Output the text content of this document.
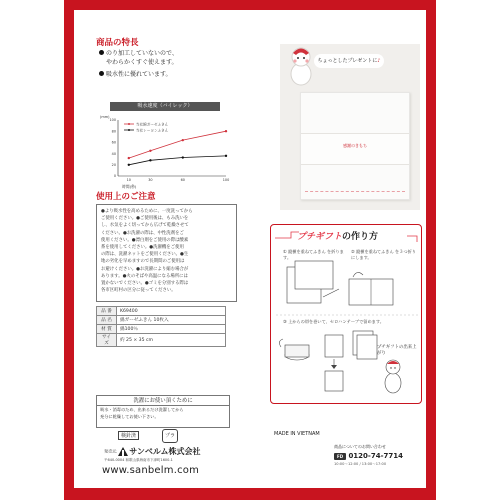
商品の特長
のり加工していないので、
やわらかくすぐ使えます。
吸水性に優れています。
吸水速度（バイレック）
(mm)
0
20
40
60
80
100
10	30	60	100
時間(秒)
当社綿ガーゼふきん
当社レーヨンふきん
使用上のご注意
●より吸水性を高めるために、一度洗ってから
ご使用ください。●ご使用後は、もみ洗いを
し、水気をよく切ってから広げて乾燥させて
ください。●お洗濯の際は、中性洗剤をご
使用ください。●漂白剤をご使用の際は酸素
系を使用してください。●洗濯機をご使用
の際は、洗濯ネットをご使用ください。●生
地の劣化を早めますので長期間のご使用は
お避けください。●お洗濯により縮む場合が
あります。●火のそばや高温になる場所には
置かないでください。●ゴミを分別する際は
各市区町村の区分に従ってください。
品 番	K69400
品 名	綿ガーゼふきん 10枚入
材 質	綿100％
サイズ	約 25 × 35 cm
洗濯にお使い頂くために
吸水・消毒のため、出来るだけ洗濯してから
充分に乾燥してお使い下さい。
検針済	プラ
発売元 サンベルム株式会社
〒640-0004 和歌山県海南市下津町1600-1
www.sanbelm.com
ちょっとしたプレゼントに♪
感謝のきもち
プチギフトの作り方
① 縦横を重ねてふきん を折ります。
② 縦横を重ねてふきん を３つ折りにします。
③ 上からの帯を巻いて、セロハンテープで留めます。
プチギフトの出来上がり
MADE IN VIETNAM
商品についてのお問い合わせ
FD 0120-74-7714
10:00～12:00 / 13:00～17:00
